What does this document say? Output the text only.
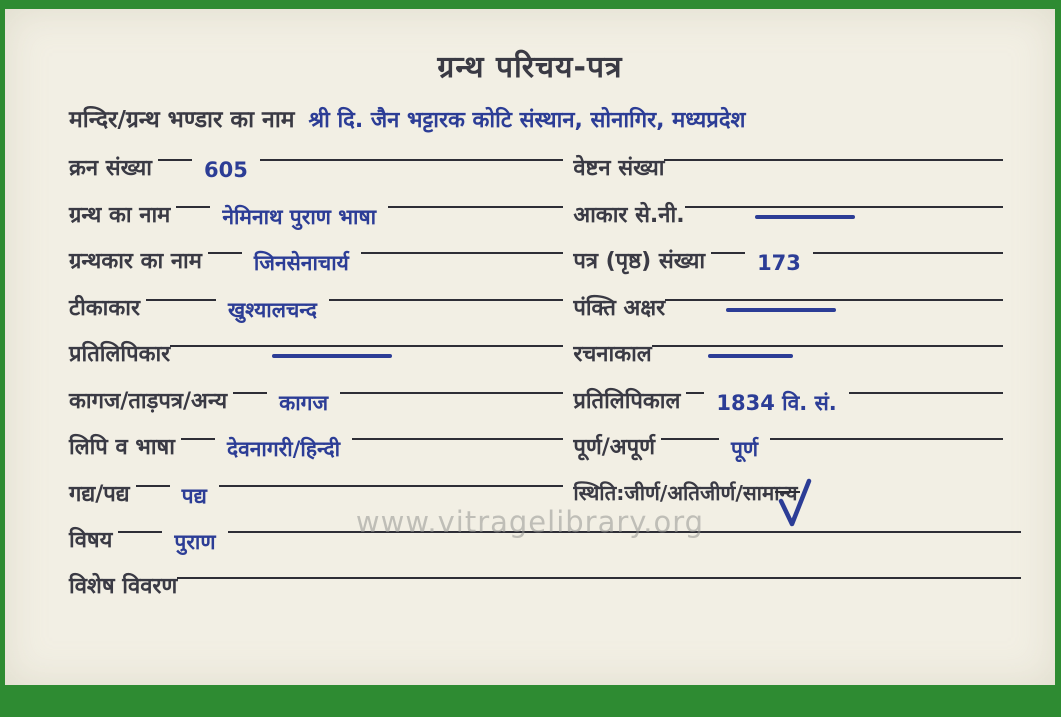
ग्रन्थ परिचय-पत्र
मन्दिर/ग्रन्थ भण्डार का नाम श्री दि. जैन भट्टारक कोटि संस्थान, सोनागिर, मध्यप्रदेश
क्रन संख्या	605	वेष्टन संख्या
ग्रन्थ का नाम	नेमिनाथ पुराण भाषा	आकार से.नी.
ग्रन्थकार का नाम	जिनसेनाचार्य	पत्र (पृष्ठ) संख्या	173
टीकाकार	खुश्यालचन्द	पंक्ति अक्षर
प्रतिलिपिकार	रचनाकाल
कागज/ताड़पत्र/अन्य	कागज	प्रतिलिपिकाल	1834 वि. सं.
लिपि व भाषा	देवनागरी/हिन्दी	पूर्ण/अपूर्ण	पूर्ण
गद्य/पद्य	पद्य	स्थिति:जीर्ण/अतिजीर्ण/ सामान्य
विषय	पुराण
विशेष विवरण
www.vitragelibrary.org
